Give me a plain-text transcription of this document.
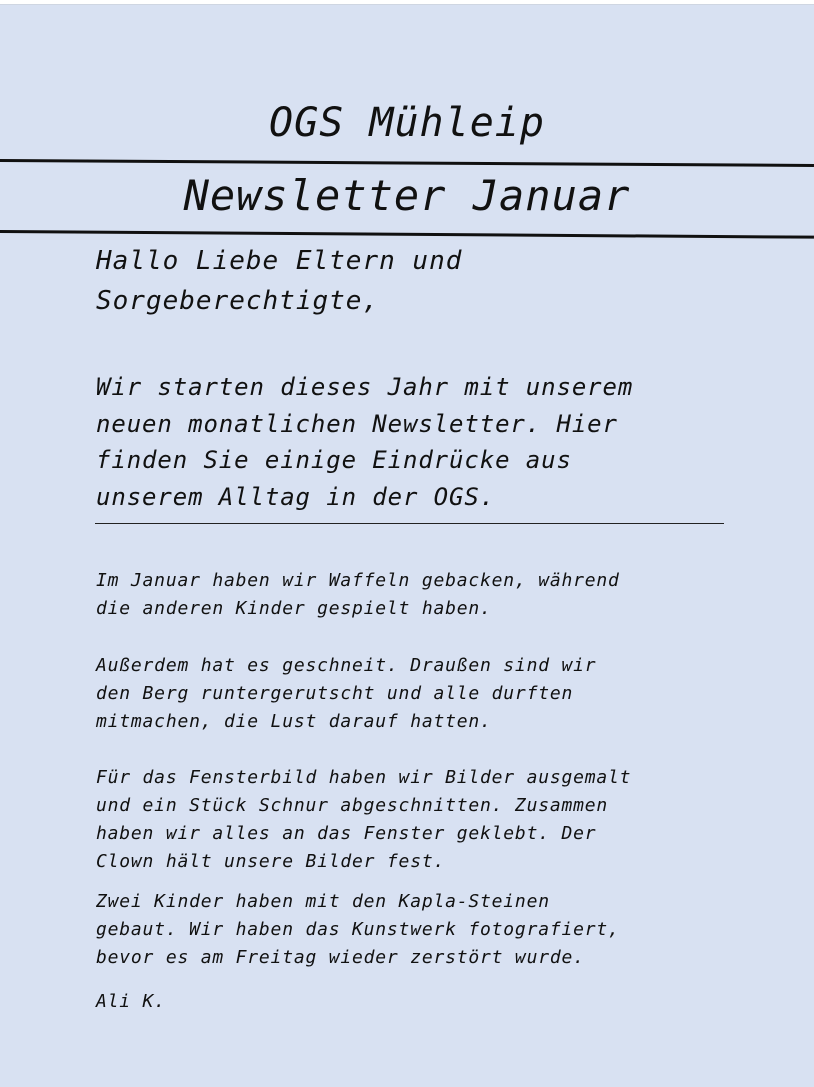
OGS Mühleip
Newsletter Januar
Hallo Liebe Eltern und
Sorgeberechtigte,
Wir starten dieses Jahr mit unserem
neuen monatlichen Newsletter. Hier
finden Sie einige Eindrücke aus
unserem Alltag in der OGS.
Im Januar haben wir Waffeln gebacken, während
die anderen Kinder gespielt haben.
Außerdem hat es geschneit. Draußen sind wir
den Berg runtergerutscht und alle durften
mitmachen, die Lust darauf hatten.
Für das Fensterbild haben wir Bilder ausgemalt
und ein Stück Schnur abgeschnitten. Zusammen
haben wir alles an das Fenster geklebt. Der
Clown hält unsere Bilder fest.
Zwei Kinder haben mit den Kapla-Steinen
gebaut. Wir haben das Kunstwerk fotografiert,
bevor es am Freitag wieder zerstört wurde.
Ali K.
